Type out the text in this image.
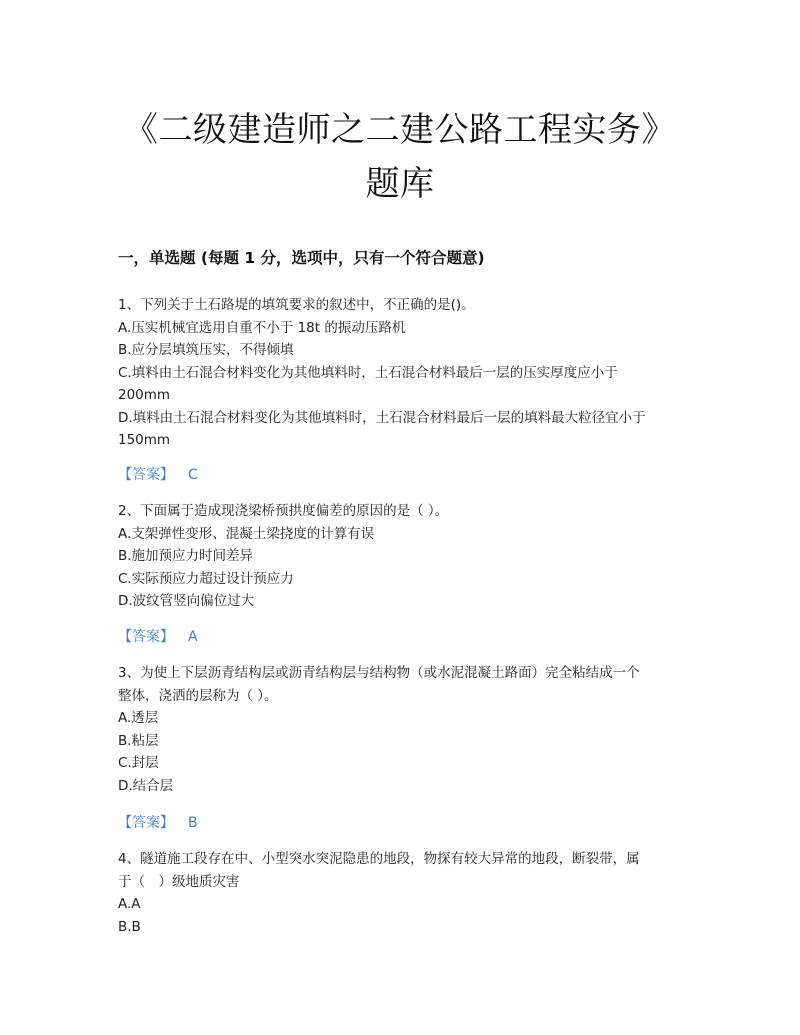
《二级建造师之二建公路工程实务》
题库
一，单选题 (每题 1 分，选项中，只有一个符合题意)
1、下列关于土石路堤的填筑要求的叙述中，不正确的是()。
A.压实机械宜选用自重不小于 18t 的振动压路机
B.应分层填筑压实，不得倾填
C.填料由土石混合材料变化为其他填料时，土石混合材料最后一层的压实厚度应小于
200mm
D.填料由土石混合材料变化为其他填料时，土石混合材料最后一层的填料最大粒径宜小于
150mm
【答案】 C
2、下面属于造成现浇梁桥预拱度偏差的原因的是（ ）。
A.支架弹性变形、混凝土梁挠度的计算有误
B.施加预应力时间差异
C.实际预应力超过设计预应力
D.波纹管竖向偏位过大
【答案】 A
3、为使上下层沥青结构层或沥青结构层与结构物（或水泥混凝土路面）完全粘结成一个
整体，浇洒的层称为（ ）。
A.透层
B.粘层
C.封层
D.结合层
【答案】 B
4、隧道施工段存在中、小型突水突泥隐患的地段，物探有较大异常的地段，断裂带，属
于（　）级地质灾害
A.A
B.B
